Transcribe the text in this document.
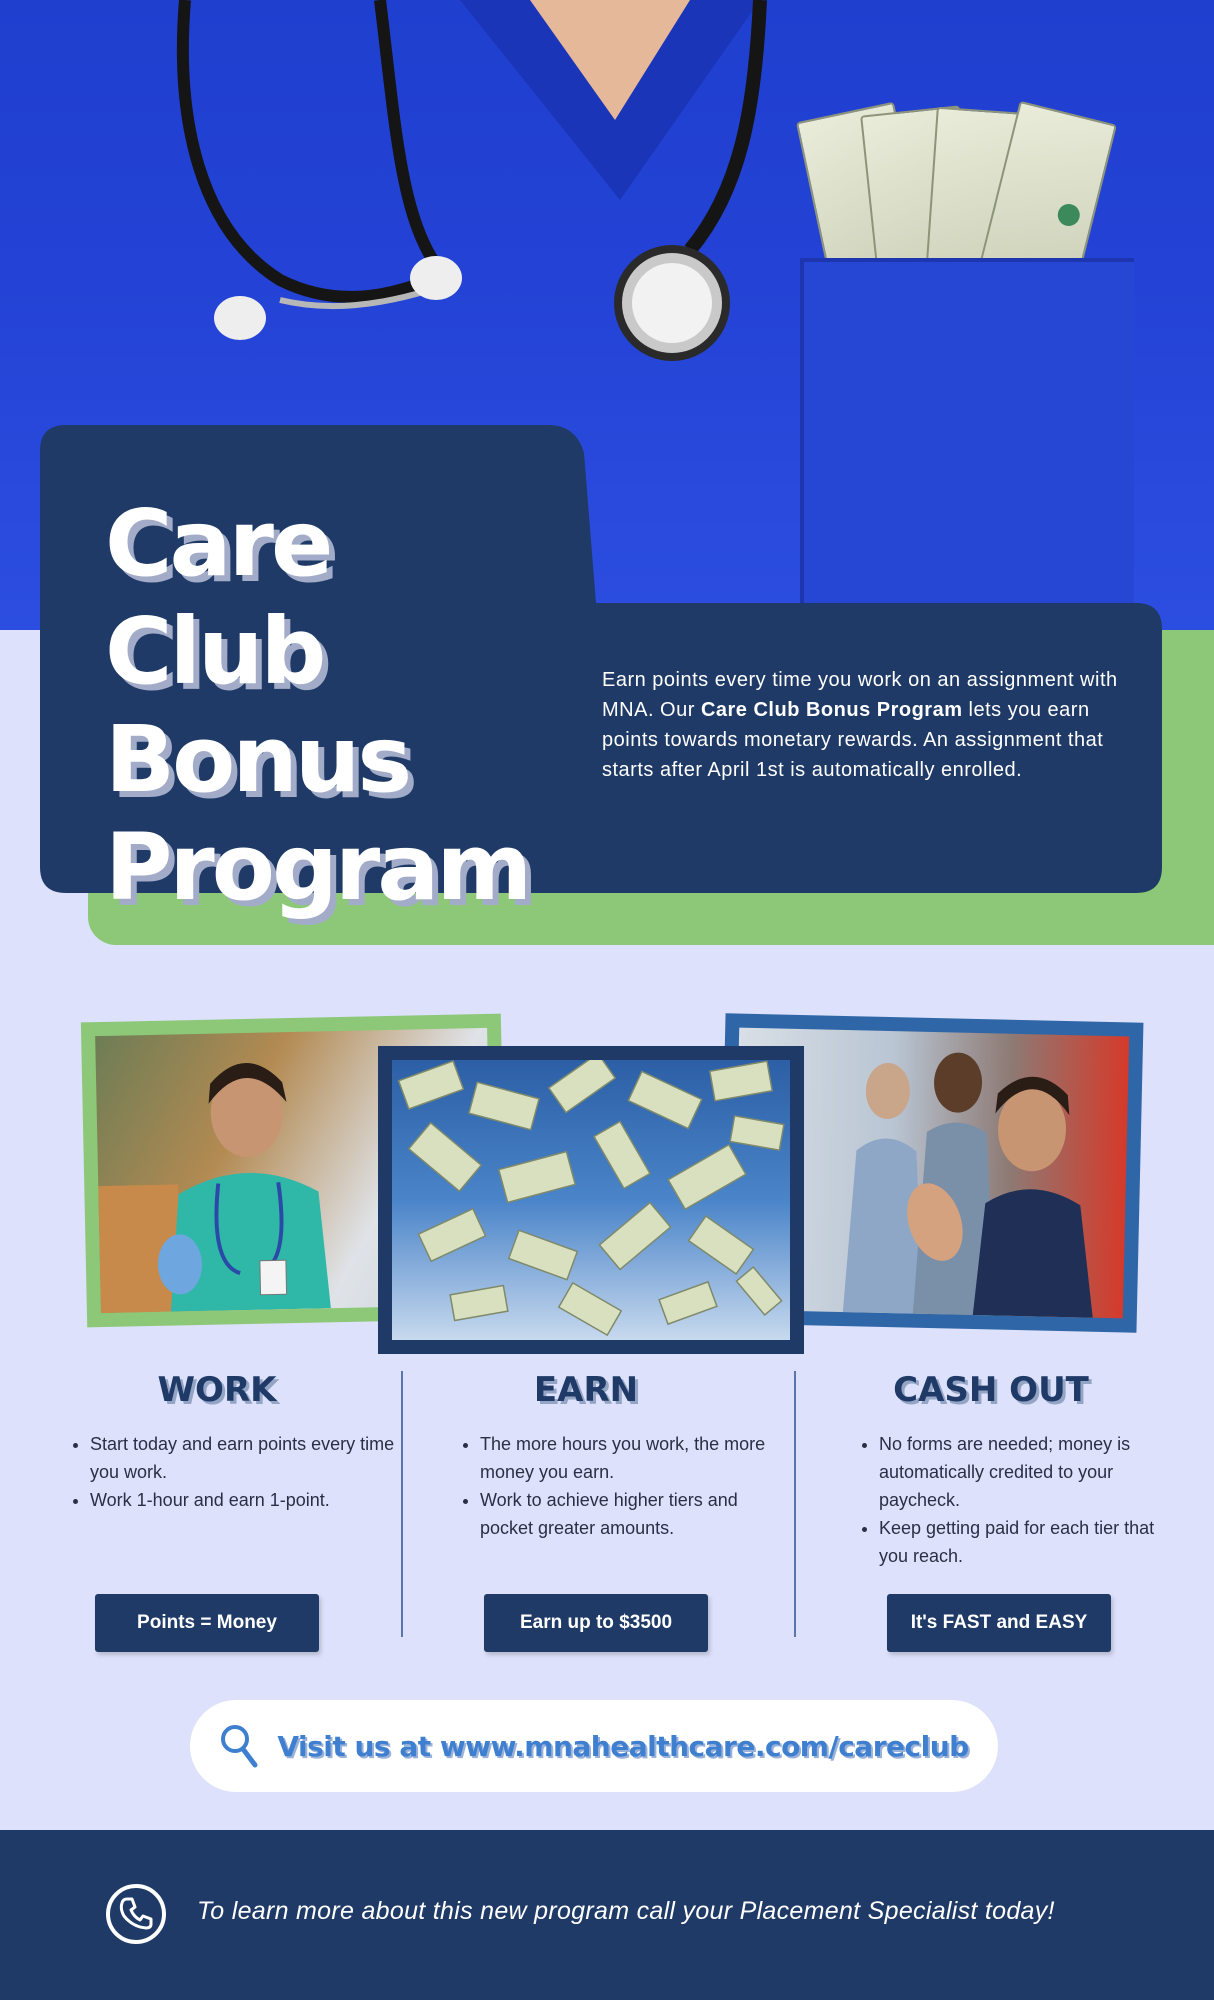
Care Club
Bonus
Program

Earn points every time you work on an assignment with MNA. Our Care Club Bonus Program lets you earn points towards monetary rewards. An assignment that starts after April 1st is automatically enrolled.

WORK
• Start today and earn points every time you work.
• Work 1-hour and earn 1-point.
Points = Money
EARN
• The more hours you work, the more money you earn.
• Work to achieve higher tiers and pocket greater amounts.
Earn up to $3500
CASH OUT
• No forms are needed; money is automatically credited to your paycheck.
• Keep getting paid for each tier that you reach.
It's FAST and EASY
Visit us at www.mnahealthcare.com/careclub

To learn more about this new program call your Placement Specialist today!
